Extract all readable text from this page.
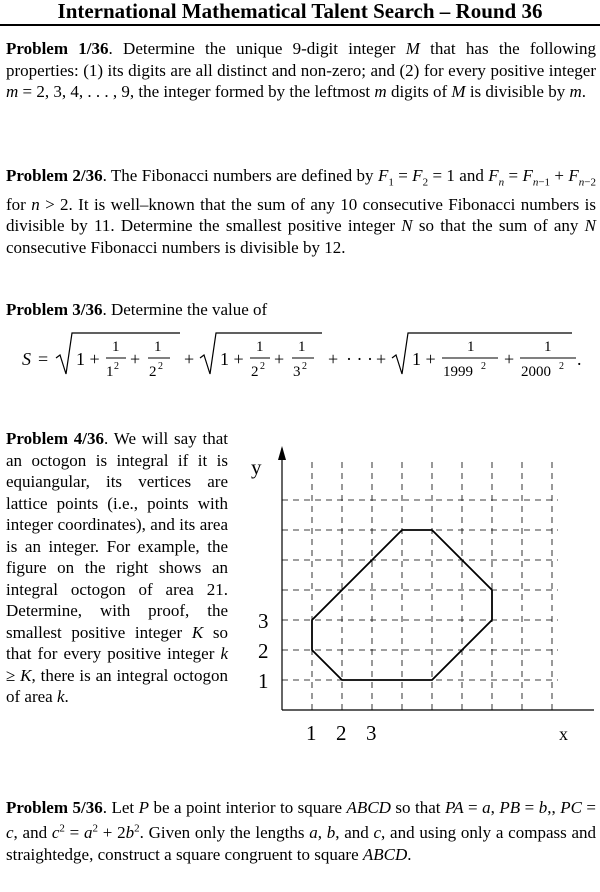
International Mathematical Talent Search – Round 36

Problem 1/36. Determine the unique 9-digit integer M that has the following properties: (1) its digits are all distinct and non-zero; and (2) for every positive integer m = 2, 3, 4, . . . , 9, the integer formed by the leftmost m digits of M is divisible by m.

Problem 2/36. The Fibonacci numbers are defined by $F_1 = F_2 = 1$ and $F_n = F_{n-1} + F_{n-2}$ for n > 2. It is well–known that the sum of any 10 consecutive Fibonacci numbers is divisible by 11. Determine the smallest positive integer N so that the sum of any N consecutive Fibonacci numbers is divisible by 12.

Problem 3/36. Determine the value of

S = 1 +
1
1 2 +
1
2 2 + 1 +
1
2 2 +
1
3 2 + · · · + 1 +
1
1999 2 +
1
2000 2 .

Problem 4/36. We will say that an octogon is integral if it is equiangular, its vertices are lattice points (i.e., points with integer coordinates), and its area is an integer. For example, the figure on the right shows an integral octogon of area 21. Determine, with proof, the smallest positive integer K so that for every positive integer k ≥ K, there is an integral octogon of area k.

y
x
1
2
3
1 2 3

Problem 5/36. Let P be a point interior to square ABCD so that PA = a, PB = b,, PC = c, and $c^2 = a^2 + 2b^2$. Given only the lengths a, b, and c, and using only a compass and straightedge, construct a square congruent to square ABCD.
